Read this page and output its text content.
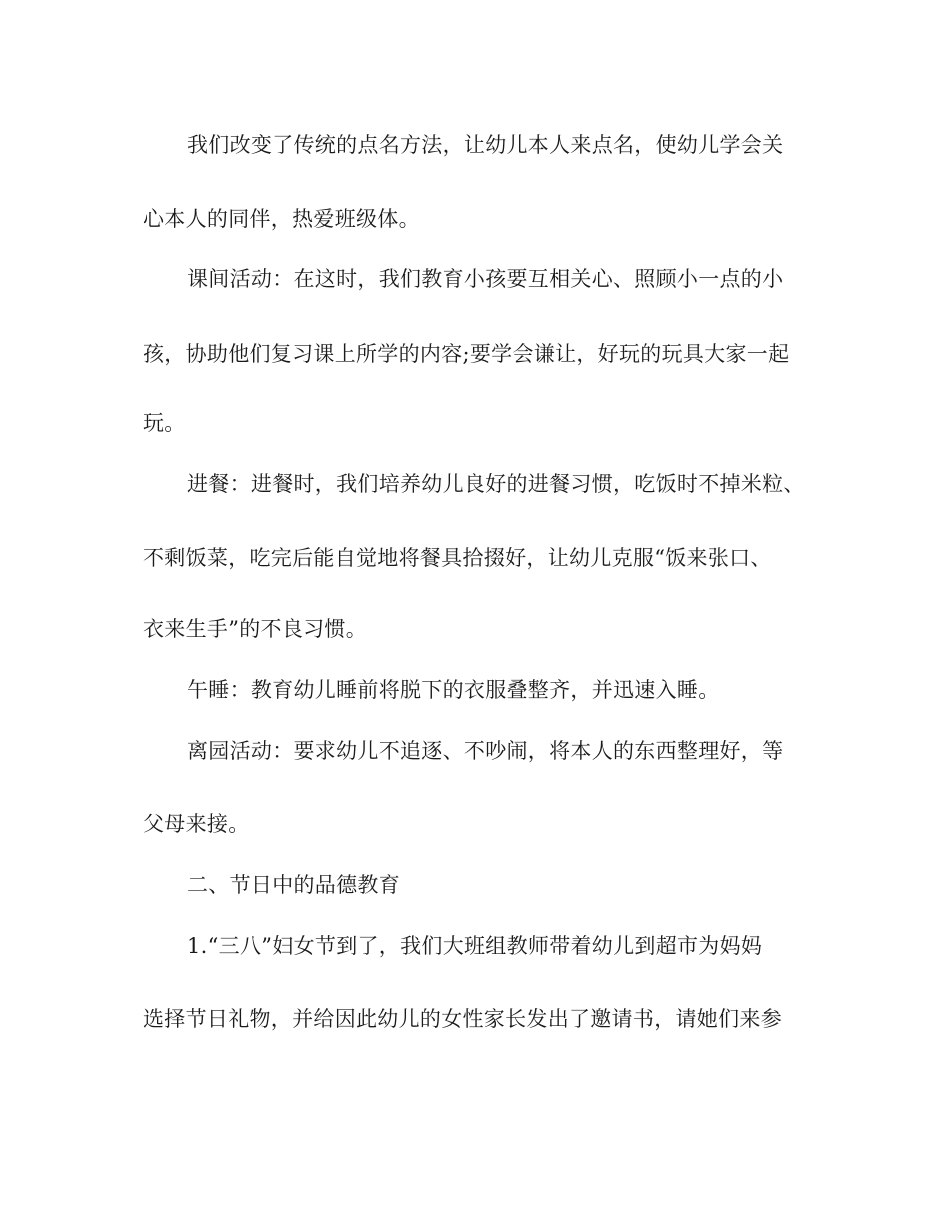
我们改变了传统的点名方法，让幼儿本人来点名，使幼儿学会关
心本人的同伴，热爱班级体。
课间活动：在这时，我们教育小孩要互相关心、照顾小一点的小
孩，协助他们复习课上所学的内容;要学会谦让，好玩的玩具大家一起
玩。
进餐：进餐时，我们培养幼儿良好的进餐习惯，吃饭时不掉米粒、
不剩饭菜，吃完后能自觉地将餐具拾掇好，让幼儿克服“饭来张口、
衣来生手”的不良习惯。
午睡：教育幼儿睡前将脱下的衣服叠整齐，并迅速入睡。
离园活动：要求幼儿不追逐、不吵闹，将本人的东西整理好，等
父母来接。
二、节日中的品德教育
1.“三八”妇女节到了，我们大班组教师带着幼儿到超市为妈妈
选择节日礼物，并给因此幼儿的女性家长发出了邀请书，请她们来参
